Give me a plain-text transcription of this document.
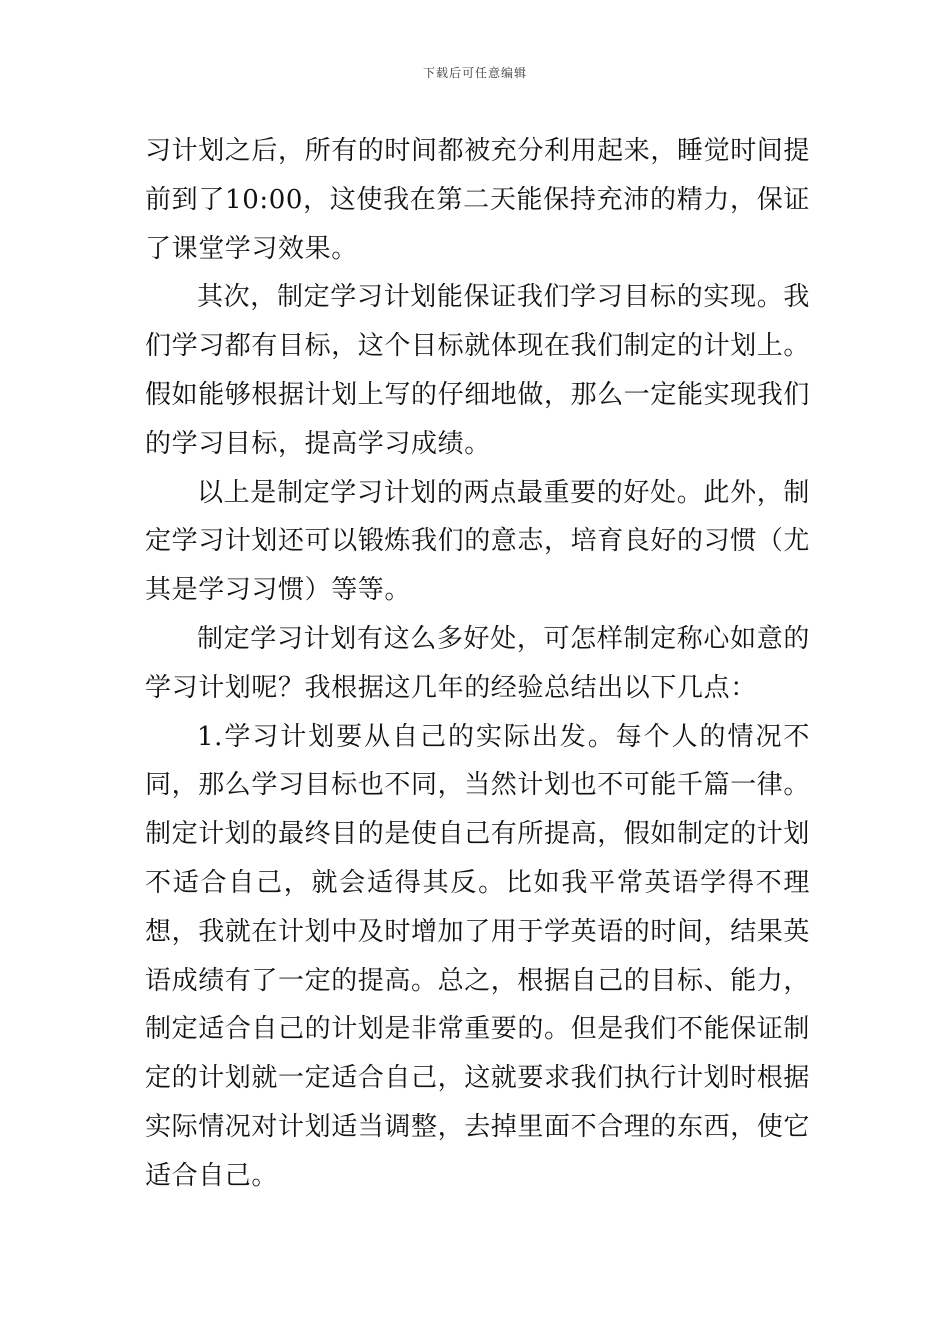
下载后可任意编辑

习计划之后，所有的时间都被充分利用起来，睡觉时间提前到了10:00，这使我在第二天能保持充沛的精力，保证了课堂学习效果。

其次，制定学习计划能保证我们学习目标的实现。我们学习都有目标，这个目标就体现在我们制定的计划上。假如能够根据计划上写的仔细地做，那么一定能实现我们的学习目标，提高学习成绩。

以上是制定学习计划的两点最重要的好处。此外，制定学习计划还可以锻炼我们的意志，培育良好的习惯（尤其是学习习惯）等等。

制定学习计划有这么多好处，可怎样制定称心如意的学习计划呢？我根据这几年的经验总结出以下几点：

1.学习计划要从自己的实际出发。每个人的情况不同，那么学习目标也不同，当然计划也不可能千篇一律。制定计划的最终目的是使自己有所提高，假如制定的计划不适合自己，就会适得其反。比如我平常英语学得不理想，我就在计划中及时增加了用于学英语的时间，结果英语成绩有了一定的提高。总之，根据自己的目标、能力，制定适合自己的计划是非常重要的。但是我们不能保证制定的计划就一定适合自己，这就要求我们执行计划时根据实际情况对计划适当调整，去掉里面不合理的东西，使它适合自己。
